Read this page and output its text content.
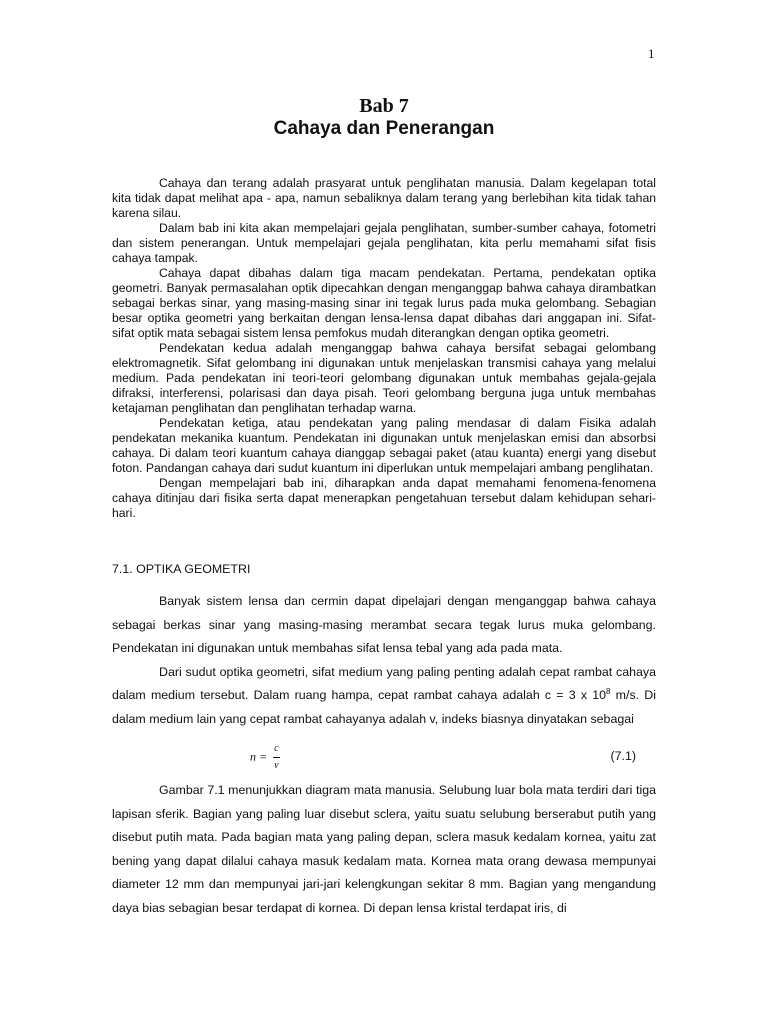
1
Bab 7
Cahaya dan Penerangan

Cahaya dan terang adalah prasyarat untuk penglihatan manusia. Dalam kegelapan total kita tidak dapat melihat apa - apa, namun sebaliknya dalam terang yang berlebihan kita tidak tahan karena silau.

Dalam bab ini kita akan mempelajari gejala penglihatan, sumber-sumber cahaya, fotometri dan sistem penerangan. Untuk mempelajari gejala penglihatan, kita perlu memahami sifat fisis cahaya tampak.

Cahaya dapat dibahas dalam tiga macam pendekatan. Pertama, pendekatan optika geometri. Banyak permasalahan optik dipecahkan dengan menganggap bahwa cahaya dirambatkan sebagai berkas sinar, yang masing-masing sinar ini tegak lurus pada muka gelombang. Sebagian besar optika geometri yang berkaitan dengan lensa-lensa dapat dibahas dari anggapan ini. Sifat-sifat optik mata sebagai sistem lensa pemfokus mudah diterangkan dengan optika geometri.

Pendekatan kedua adalah menganggap bahwa cahaya bersifat sebagai gelombang elektromagnetik. Sifat gelombang ini digunakan untuk menjelaskan transmisi cahaya yang melalui medium. Pada pendekatan ini teori-teori gelombang digunakan untuk membahas gejala-gejala difraksi, interferensi, polarisasi dan daya pisah. Teori gelombang berguna juga untuk membahas ketajaman penglihatan dan penglihatan terhadap warna.

Pendekatan ketiga, atau pendekatan yang paling mendasar di dalam Fisika adalah pendekatan mekanika kuantum. Pendekatan ini digunakan untuk menjelaskan emisi dan absorbsi cahaya. Di dalam teori kuantum cahaya dianggap sebagai paket (atau kuanta) energi yang disebut foton. Pandangan cahaya dari sudut kuantum ini diperlukan untuk mempelajari ambang penglihatan.

Dengan mempelajari bab ini, diharapkan anda dapat memahami fenomena-fenomena cahaya ditinjau dari fisika serta dapat menerapkan pengetahuan tersebut dalam kehidupan sehari-hari.

7.1. OPTIKA GEOMETRI

Banyak sistem lensa dan cermin dapat dipelajari dengan menganggap bahwa cahaya sebagai berkas sinar yang masing-masing merambat secara tegak lurus muka gelombang. Pendekatan ini digunakan untuk membahas sifat lensa tebal yang ada pada mata.

Dari sudut optika geometri, sifat medium yang paling penting adalah cepat rambat cahaya dalam medium tersebut. Dalam ruang hampa, cepat rambat cahaya adalah c = 3 x $10^8$ m/s. Di dalam medium lain yang cepat rambat cahayanya adalah v, indeks biasnya dinyatakan sebagai

$n = \frac{c}{v}$	(7.1)

Gambar 7.1 menunjukkan diagram mata manusia. Selubung luar bola mata terdiri dari tiga lapisan sferik. Bagian yang paling luar disebut sclera, yaitu suatu selubung berserabut putih yang disebut putih mata. Pada bagian mata yang paling depan, sclera masuk kedalam kornea, yaitu zat bening yang dapat dilalui cahaya masuk kedalam mata. Kornea mata orang dewasa mempunyai diameter 12 mm dan mempunyai jari-jari kelengkungan sekitar 8 mm. Bagian yang mengandung daya bias sebagian besar terdapat di kornea. Di depan lensa kristal terdapat iris, di
